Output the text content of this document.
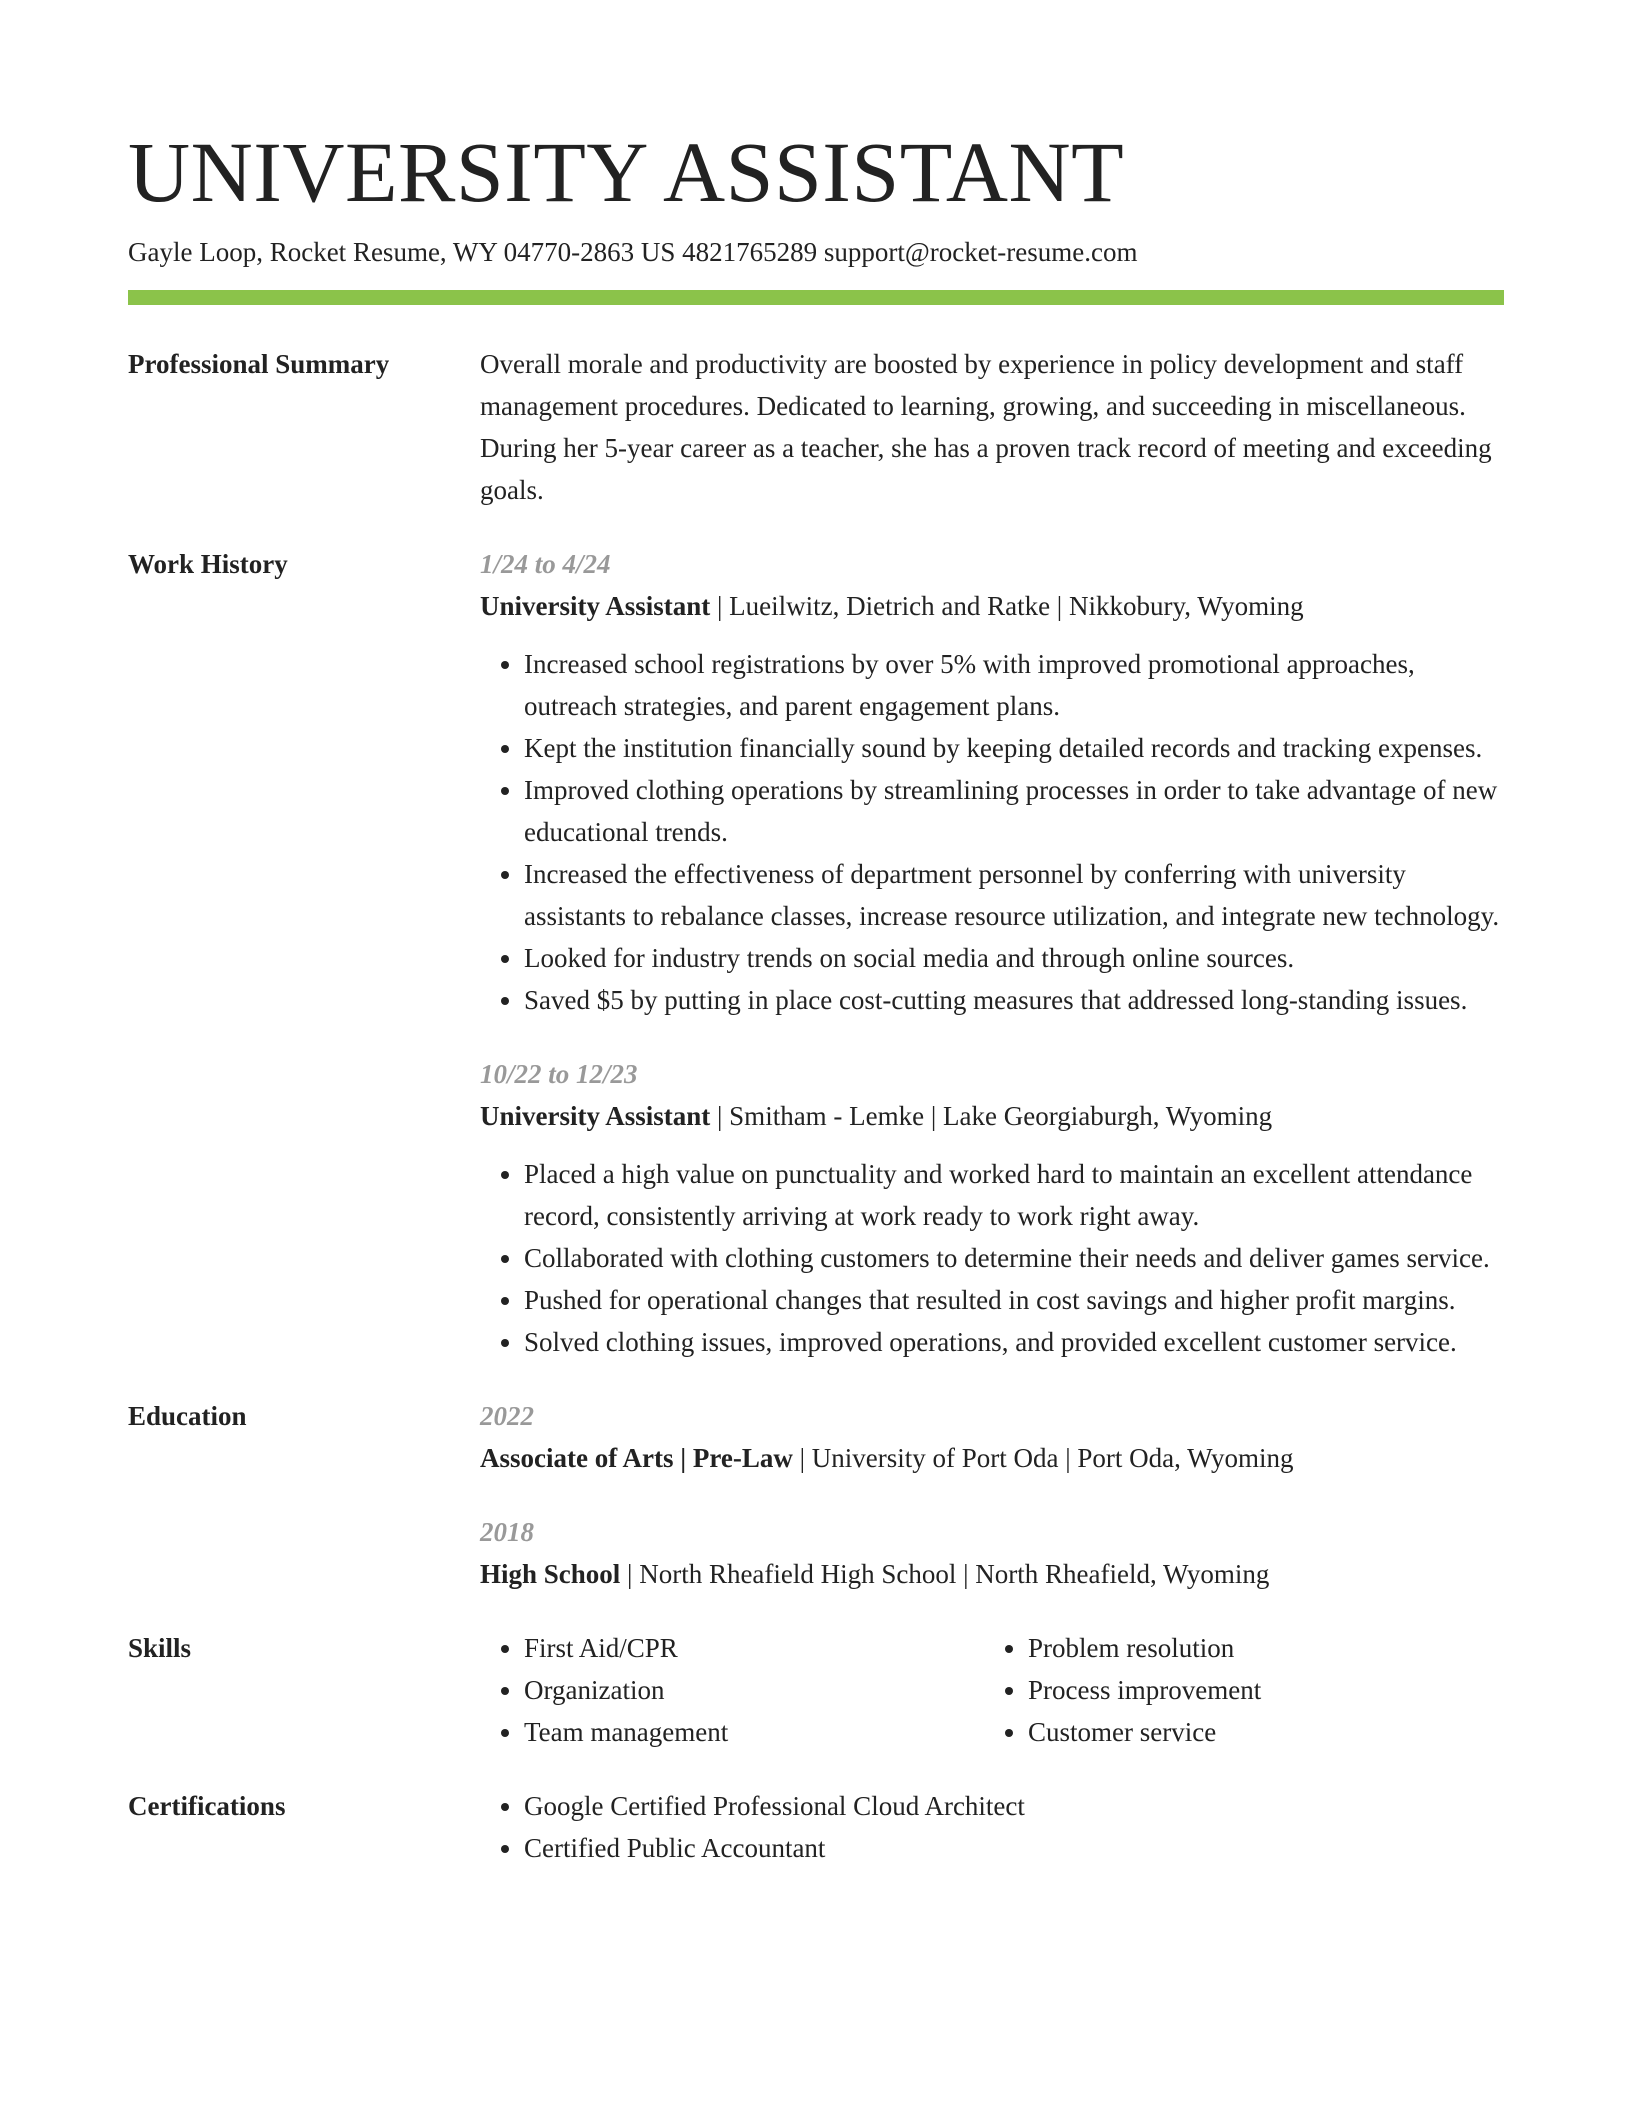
UNIVERSITY ASSISTANT
Gayle Loop, Rocket Resume, WY 04770-2863 US 4821765289 support@rocket-resume.com
Professional Summary	Overall morale and productivity are boosted by experience in policy development and staff management procedures. Dedicated to learning, growing, and succeeding in miscellaneous. During her 5-year career as a teacher, she has a proven track record of meeting and exceeding goals.

Work History	1/24 to 4/24
University Assistant | Lueilwitz, Dietrich and Ratke | Nikkobury, Wyoming
• Increased school registrations by over 5% with improved promotional approaches, outreach strategies, and parent engagement plans.
• Kept the institution financially sound by keeping detailed records and tracking expenses.
• Improved clothing operations by streamlining processes in order to take advantage of new educational trends.
• Increased the effectiveness of department personnel by conferring with university assistants to rebalance classes, increase resource utilization, and integrate new technology.
• Looked for industry trends on social media and through online sources.
• Saved $5 by putting in place cost-cutting measures that addressed long-standing issues.
10/22 to 12/23
University Assistant | Smitham - Lemke | Lake Georgiaburgh, Wyoming
• Placed a high value on punctuality and worked hard to maintain an excellent attendance record, consistently arriving at work ready to work right away.
• Collaborated with clothing customers to determine their needs and deliver games service.
• Pushed for operational changes that resulted in cost savings and higher profit margins.
• Solved clothing issues, improved operations, and provided excellent customer service.
Education	2022
Associate of Arts | Pre-Law | University of Port Oda | Port Oda, Wyoming
2018
High School | North Rheafield High School | North Rheafield, Wyoming
Skills	• First Aid/CPR
• Organization
• Team management
• Problem resolution
• Process improvement
• Customer service
Certifications	• Google Certified Professional Cloud Architect
• Certified Public Accountant
